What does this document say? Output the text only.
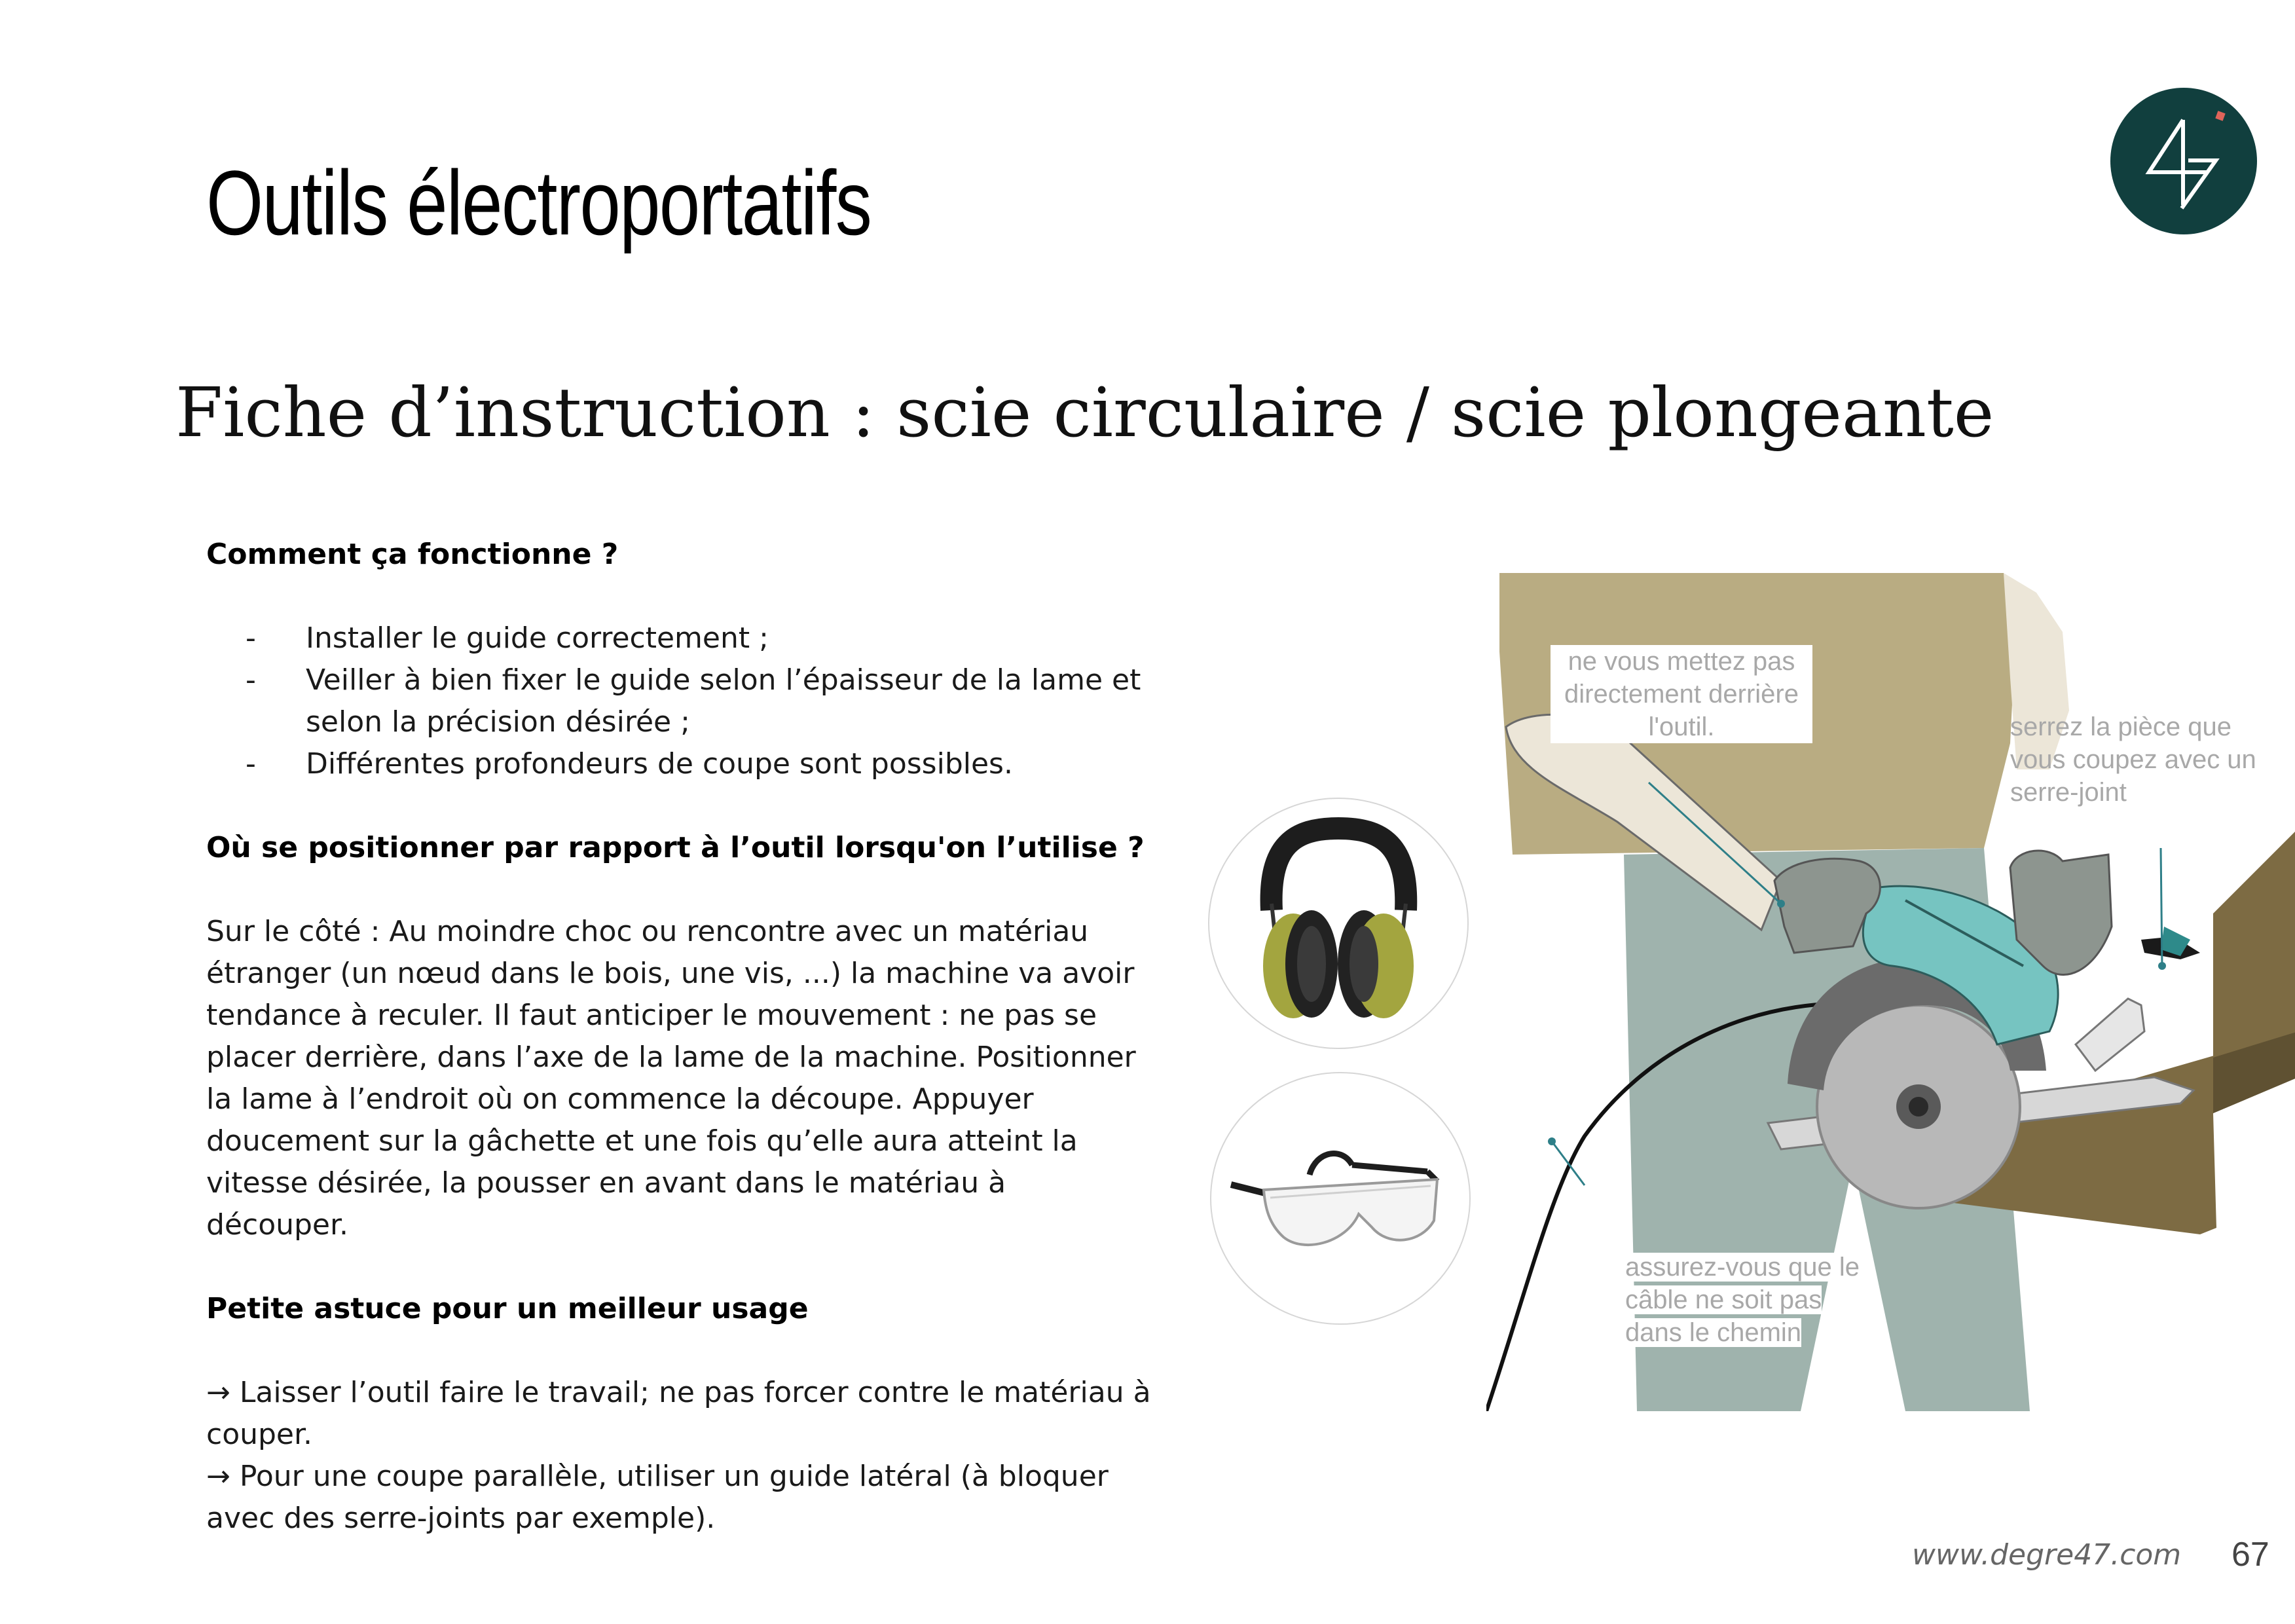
Outils électroportatifs
Fiche d’instruction : scie circulaire / scie plongeante

Comment ça fonctionne ?

- Installer le guide correctement ;
- Veiller à bien fixer le guide selon l’épaisseur de la lame et selon la précision désirée ;
- Différentes profondeurs de coupe sont possibles.

Où se positionner par rapport à l’outil lorsqu'on l’utilise ?

Sur le côté : Au moindre choc ou rencontre avec un matériau étranger (un nœud dans le bois, une vis, ...) la machine va avoir tendance à reculer. Il faut anticiper le mouvement : ne pas se placer derrière, dans l’axe de la lame de la machine. Positionner la lame à l’endroit où on commence la découpe. Appuyer doucement sur la gâchette et une fois qu’elle aura atteint la vitesse désirée, la pousser en avant dans le matériau à découper.

Petite astuce pour un meilleur usage

→ Laisser l’outil faire le travail; ne pas forcer contre le matériau à couper.

→ Pour une coupe parallèle, utiliser un guide latéral (à bloquer avec des serre-joints par exemple).

ne vous mettez pas directement derrière l'outil.	serrez la pièce que vous coupez avec un serre-joint
assurez-vous que le câble ne soit pas dans le chemin
www.degre47.com 67
